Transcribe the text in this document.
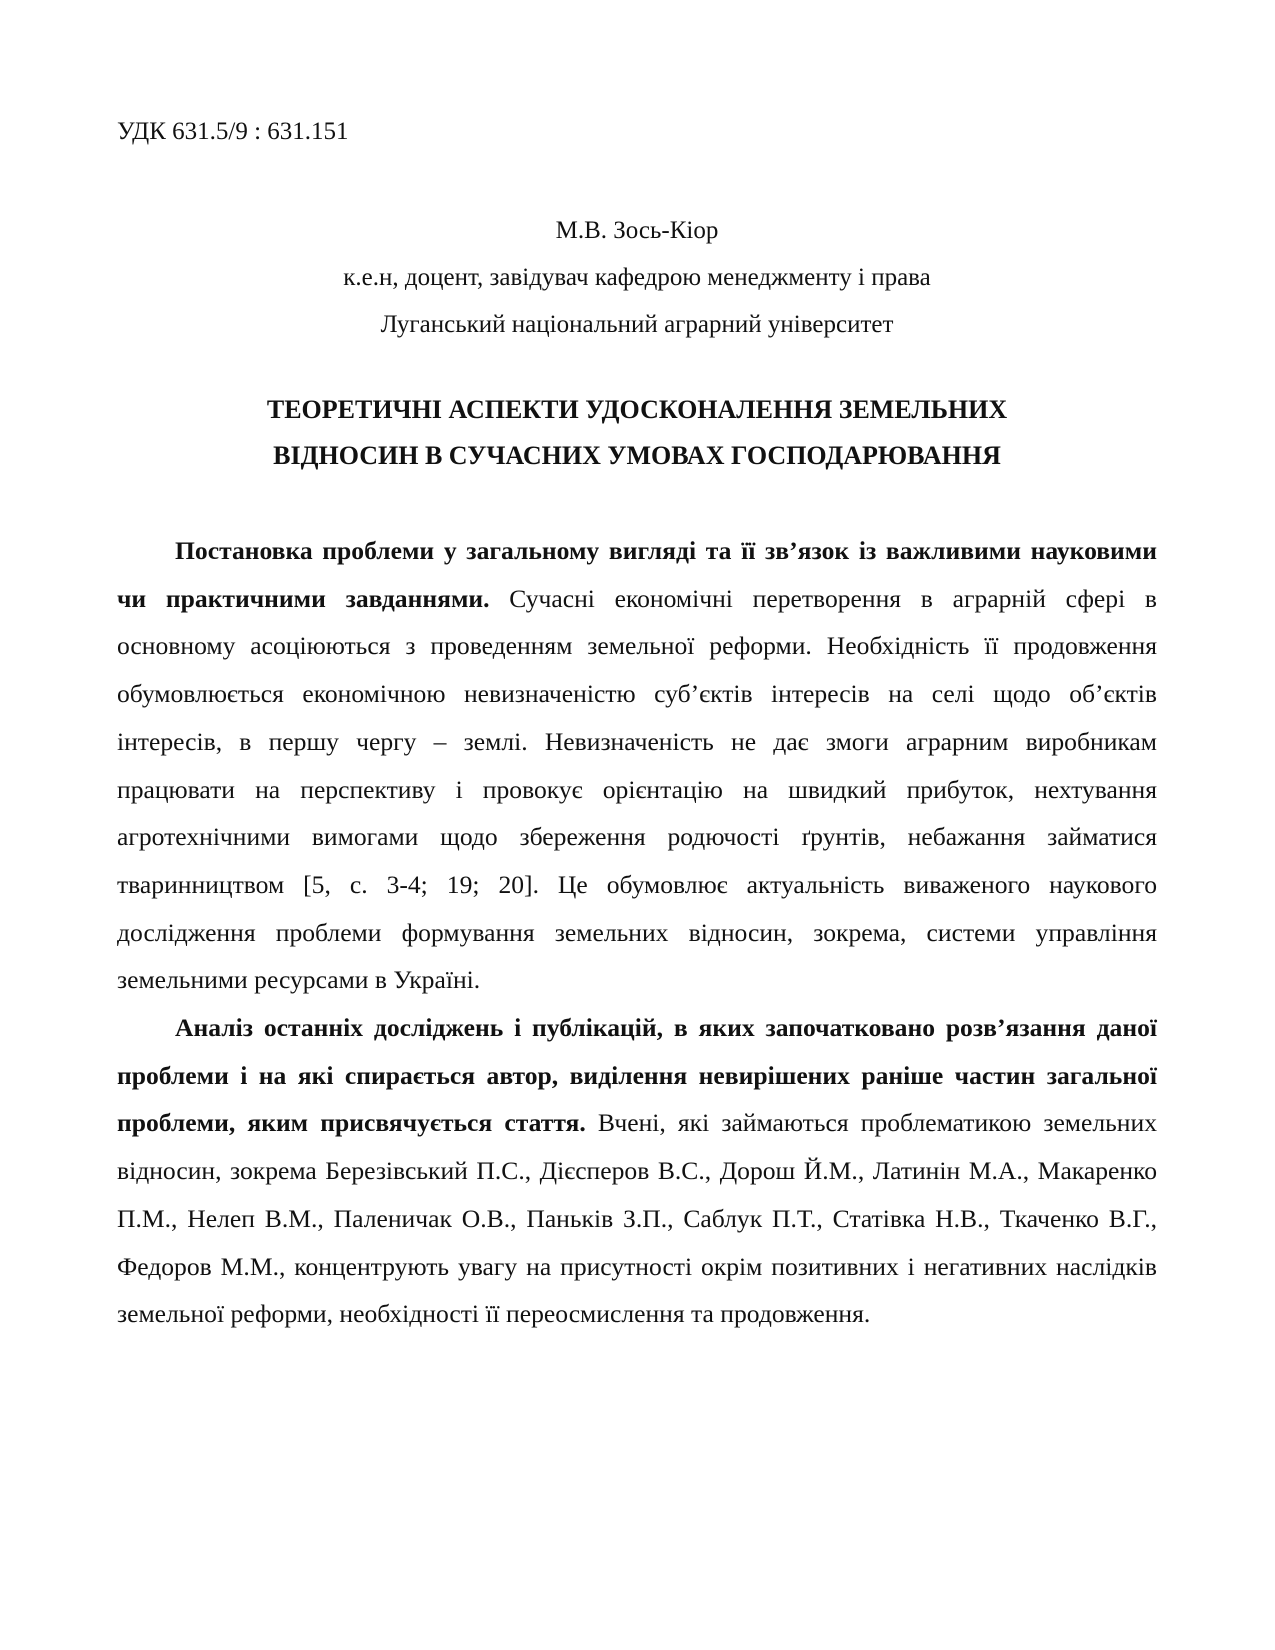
УДК 631.5/9 : 631.151
М.В. Зось-Кіор
к.е.н, доцент, завідувач кафедрою менеджменту і права
Луганський національний аграрний університет
ТЕОРЕТИЧНІ АСПЕКТИ УДОСКОНАЛЕННЯ ЗЕМЕЛЬНИХ
ВІДНОСИН В СУЧАСНИХ УМОВАХ ГОСПОДАРЮВАННЯ

Постановка проблеми у загальному вигляді та її зв’язок із важливими науковими чи практичними завданнями. Сучасні економічні перетворення в аграрній сфері в основному асоціюються з проведенням земельної реформи. Необхідність її продовження обумовлюється економічною невизначеністю суб’єктів інтересів на селі щодо об’єктів інтересів, в першу чергу – землі. Невизначеність не дає змоги аграрним виробникам працювати на перспективу і провокує орієнтацію на швидкий прибуток, нехтування агротехнічними вимогами щодо збереження родючості ґрунтів, небажання займатися тваринництвом [5, с. 3-4; 19; 20]. Це обумовлює актуальність виваженого наукового дослідження проблеми формування земельних відносин, зокрема, системи управління земельними ресурсами в Україні.

Аналіз останніх досліджень і публікацій, в яких започатковано розв’язання даної проблеми і на які спирається автор, виділення невирішених раніше частин загальної проблеми, яким присвячується стаття. Вчені, які займаються проблематикою земельних відносин, зокрема Березівський П.С., Дієсперов В.С., Дорош Й.М., Латинін М.А., Макаренко П.М., Нелеп В.М., Паленичак О.В., Паньків З.П., Саблук П.Т., Статівка Н.В., Ткаченко В.Г., Федоров М.М., концентрують увагу на присутності окрім позитивних і негативних наслідків земельної реформи, необхідності її переосмислення та продовження.
